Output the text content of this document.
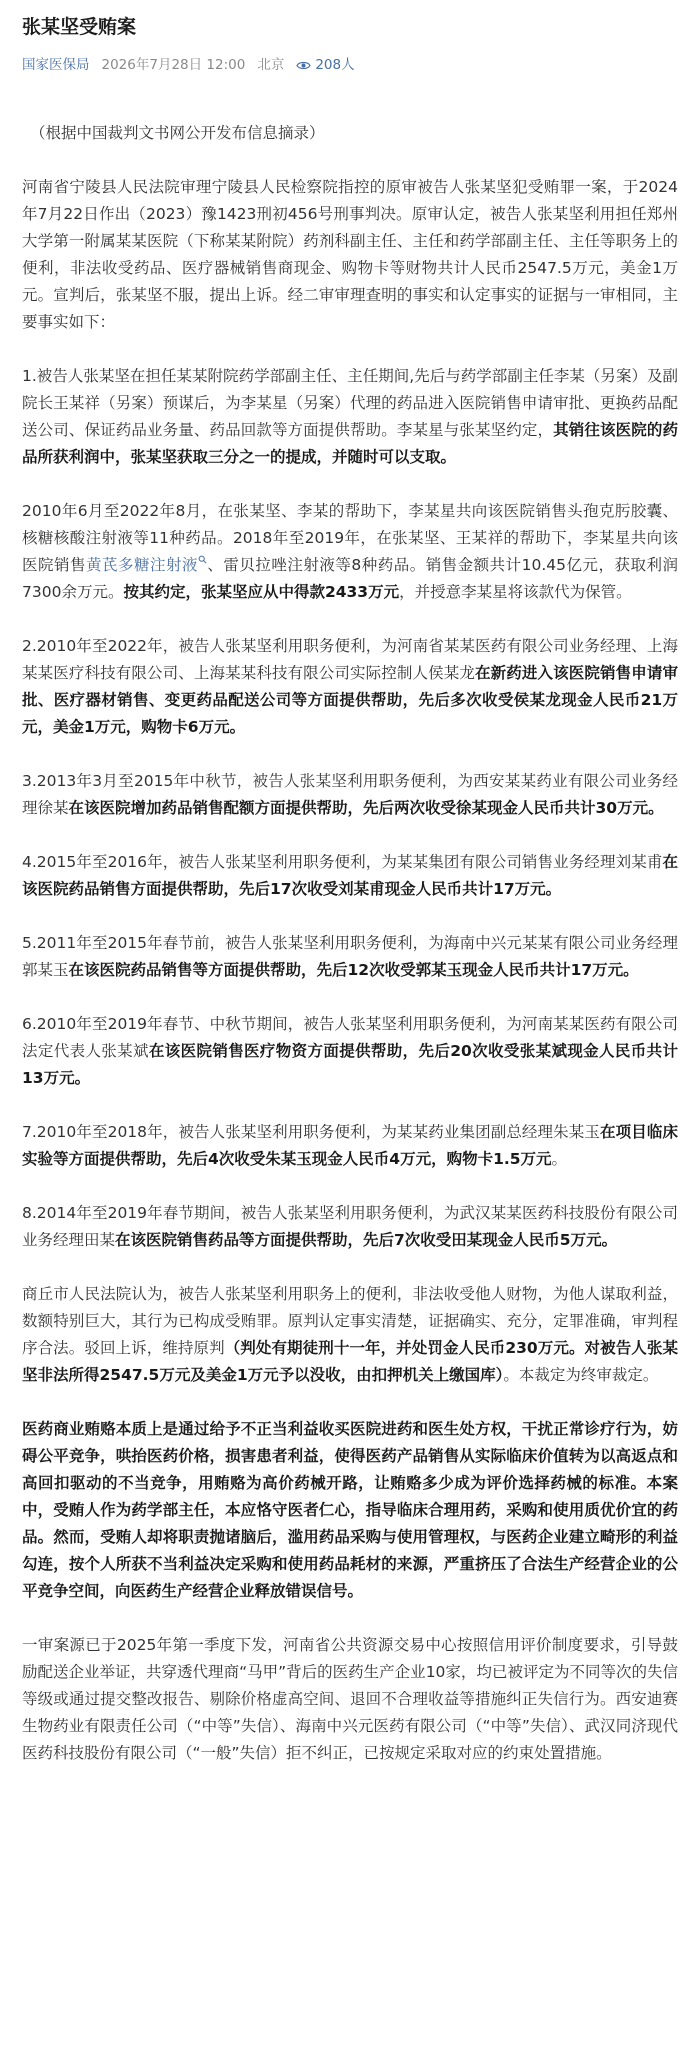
张某坚受贿案
国家医保局 2026年7月28日 12:00 北京 208人

（根据中国裁判文书网公开发布信息摘录）

河南省宁陵县人民法院审理宁陵县人民检察院指控的原审被告人张某坚犯受贿罪一案，于2024年7月22日作出（2023）豫1423刑初456号刑事判决。原审认定，被告人张某坚利用担任郑州大学第一附属某某医院（下称某某附院）药剂科副主任、主任和药学部副主任、主任等职务上的便利，非法收受药品、医疗器械销售商现金、购物卡等财物共计人民币2547.5万元，美金1万元。宣判后，张某坚不服，提出上诉。经二审审理查明的事实和认定事实的证据与一审相同，主要事实如下：

1.被告人张某坚在担任某某附院药学部副主任、主任期间,先后与药学部副主任李某（另案）及副院长王某祥（另案）预谋后，为李某星（另案）代理的药品进入医院销售申请审批、更换药品配送公司、保证药品业务量、药品回款等方面提供帮助。李某星与张某坚约定，其销往该医院的药品所获利润中，张某坚获取三分之一的提成，并随时可以支取。

2010年6月至2022年8月，在张某坚、李某的帮助下，李某星共向该医院销售头孢克肟胶囊、核糖核酸注射液等11种药品。2018年至2019年，在张某坚、王某祥的帮助下，李某星共向该医院销售黄芪多糖注射液 、雷贝拉唑注射液等8种药品。销售金额共计10.45亿元，获取利润7300余万元。按其约定，张某坚应从中得款2433万元，并授意李某星将该款代为保管。

2.2010年至2022年，被告人张某坚利用职务便利，为河南省某某医药有限公司业务经理、上海某某医疗科技有限公司、上海某某科技有限公司实际控制人侯某龙在新药进入该医院销售申请审批、医疗器材销售、变更药品配送公司等方面提供帮助，先后多次收受侯某龙现金人民币21万元，美金1万元，购物卡6万元。

3.2013年3月至2015年中秋节，被告人张某坚利用职务便利，为西安某某药业有限公司业务经理徐某在该医院增加药品销售配额方面提供帮助，先后两次收受徐某现金人民币共计30万元。

4.2015年至2016年，被告人张某坚利用职务便利，为某某集团有限公司销售业务经理刘某甫在该医院药品销售方面提供帮助，先后17次收受刘某甫现金人民币共计17万元。

5.2011年至2015年春节前，被告人张某坚利用职务便利，为海南中兴元某某有限公司业务经理郭某玉在该医院药品销售等方面提供帮助，先后12次收受郭某玉现金人民币共计17万元。

6.2010年至2019年春节、中秋节期间，被告人张某坚利用职务便利，为河南某某医药有限公司法定代表人张某斌在该医院销售医疗物资方面提供帮助，先后20次收受张某斌现金人民币共计13万元。

7.2010年至2018年，被告人张某坚利用职务便利，为某某药业集团副总经理朱某玉在项目临床实验等方面提供帮助，先后4次收受朱某玉现金人民币4万元，购物卡1.5万元。

8.2014年至2019年春节期间，被告人张某坚利用职务便利，为武汉某某医药科技股份有限公司业务经理田某在该医院销售药品等方面提供帮助，先后7次收受田某现金人民币5万元。

商丘市人民法院认为，被告人张某坚利用职务上的便利，非法收受他人财物，为他人谋取利益，数额特别巨大，其行为已构成受贿罪。原判认定事实清楚，证据确实、充分，定罪准确，审判程序合法。驳回上诉，维持原判（判处有期徒刑十一年，并处罚金人民币230万元。对被告人张某坚非法所得2547.5万元及美金1万元予以没收，由扣押机关上缴国库）。本裁定为终审裁定。

医药商业贿赂本质上是通过给予不正当利益收买医院进药和医生处方权，干扰正常诊疗行为，妨碍公平竞争，哄抬医药价格，损害患者利益，使得医药产品销售从实际临床价值转为以高返点和高回扣驱动的不当竞争，用贿赂为高价药械开路，让贿赂多少成为评价选择药械的标准。本案中，受贿人作为药学部主任，本应恪守医者仁心，指导临床合理用药，采购和使用质优价宜的药品。然而，受贿人却将职责抛诸脑后，滥用药品采购与使用管理权，与医药企业建立畸形的利益勾连，按个人所获不当利益决定采购和使用药品耗材的来源，严重挤压了合法生产经营企业的公平竞争空间，向医药生产经营企业释放错误信号。

一审案源已于2025年第一季度下发，河南省公共资源交易中心按照信用评价制度要求，引导鼓励配送企业举证，共穿透代理商“马甲”背后的医药生产企业10家，均已被评定为不同等次的失信等级或通过提交整改报告、剔除价格虚高空间、退回不合理收益等措施纠正失信行为。西安迪赛生物药业有限责任公司（“中等”失信）、海南中兴元医药有限公司（“中等”失信）、武汉同济现代医药科技股份有限公司（“一般”失信）拒不纠正，已按规定采取对应的约束处置措施。
